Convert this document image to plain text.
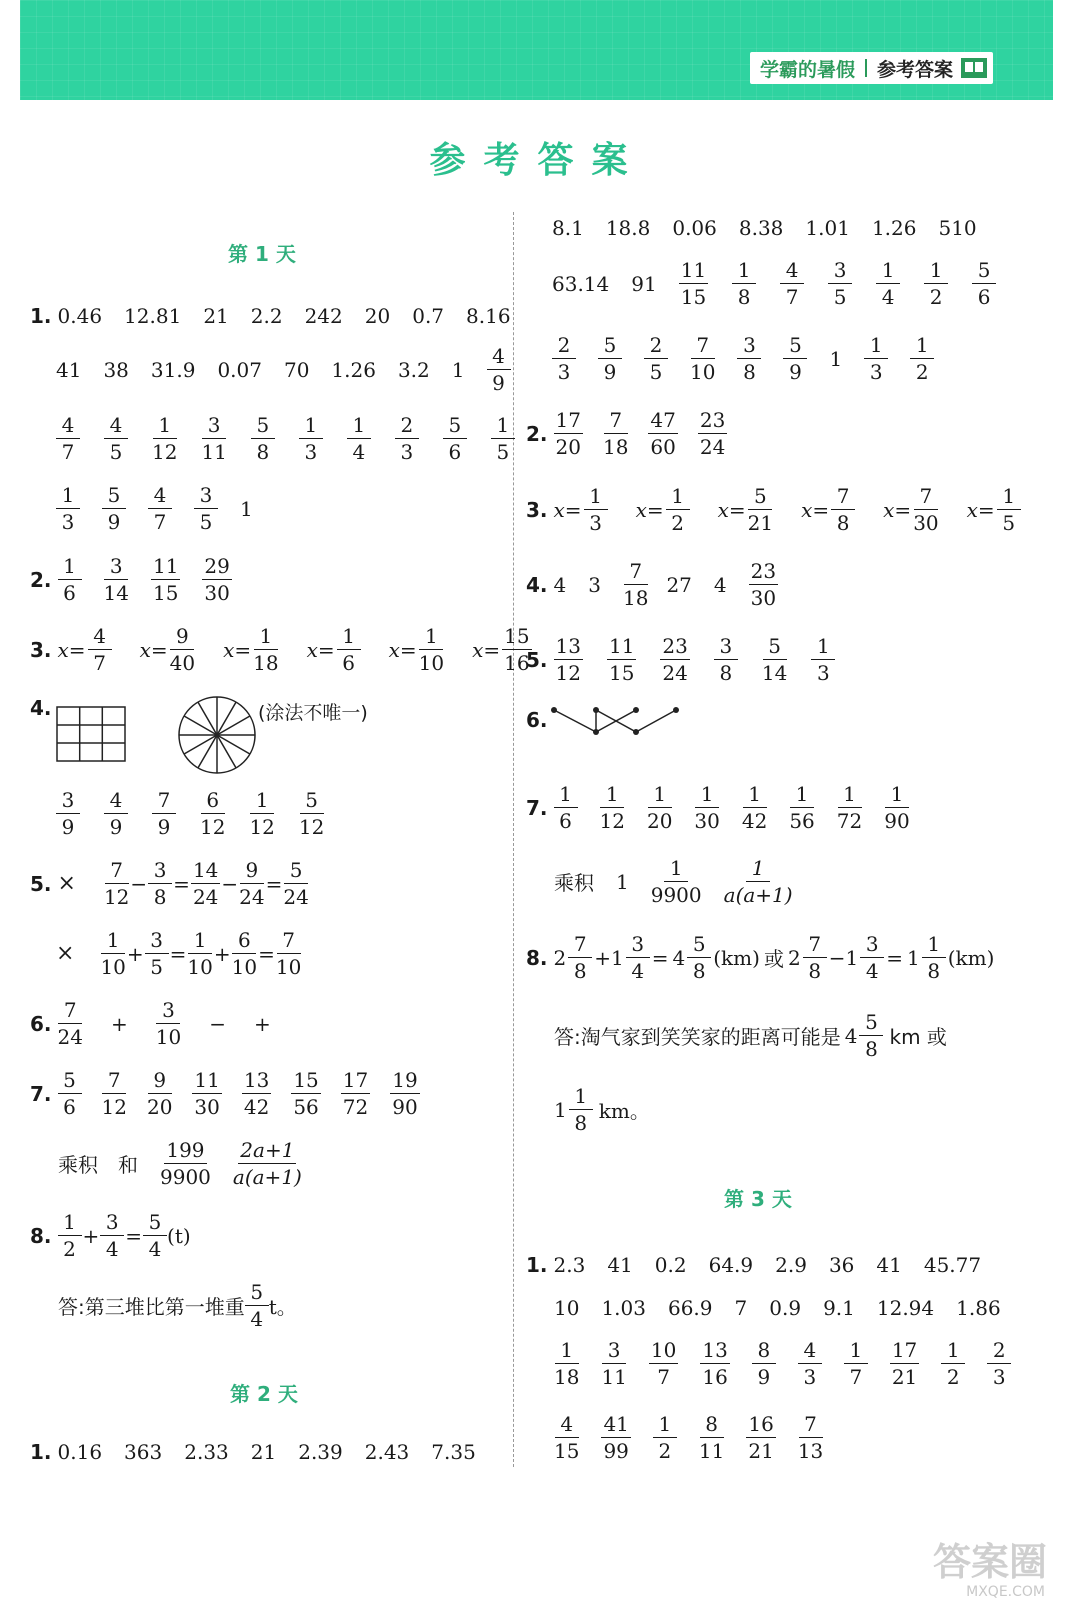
学霸的暑假 参考答案
参考答案
第 1 天
第 2 天
第 3 天
1. 0.46 12.81 21 2.2 242 20 0.7 8.16
41 38 31.9 0.07 70 1.26 3.2 $1 \frac{4}{9}$
$\frac{4}{7} \frac{4}{5} \frac{1}{12} \frac{3}{11} \frac{5}{8} \frac{1}{3} \frac{1}{4} \frac{2}{3} \frac{5}{6} \frac{1}{5}$
$\frac{1}{3} \frac{5}{9} \frac{4}{7} \frac{3}{5} 1$
2. $\frac{1}{6} \frac{3}{14} \frac{11}{15} \frac{29}{30}$
3. $x= \frac{4}{7} x= \frac{9}{40} x= \frac{1}{18} x= \frac{1}{6} x= \frac{1}{10} x= \frac{15}{16}$
4.	(涂法不唯一)
$\frac{3}{9} \frac{4}{9} \frac{7}{9} \frac{6}{12} \frac{1}{12} \frac{5}{12}$
5. × $\frac{7}{12} - \frac{3}{8} = \frac{14}{24} - \frac{9}{24} = \frac{5}{24}$
× $\frac{1}{10} + \frac{3}{5} = \frac{1}{10} + \frac{6}{10} = \frac{7}{10}$
6. $\frac{7}{24} + \frac{3}{10}$ − +
7. $\frac{5}{6} \frac{7}{12} \frac{9}{20} \frac{11}{30} \frac{13}{42} \frac{15}{56} \frac{17}{72} \frac{19}{90}$
乘积 和 $\frac{199}{9900} \frac{2a+1}{a(a+1)}$
8. $\frac{1}{2} + \frac{3}{4} = \frac{5}{4} (t)$
答:第三堆比第一堆重 $\frac{5}{4}$ t。
1. 0.16 363 2.33 21 2.39 2.43 7.35
8.1 18.8 0.06 8.38 1.01 1.26 510
63.14 $91 \frac{11}{15} \frac{1}{8} \frac{4}{7} \frac{3}{5} \frac{1}{4} \frac{1}{2} \frac{5}{6}$
$\frac{2}{3} \frac{5}{9} \frac{2}{5} \frac{7}{10} \frac{3}{8} \frac{5}{9} 1 \frac{1}{3} \frac{1}{2}$
2. $\frac{17}{20} \frac{7}{18} \frac{47}{60} \frac{23}{24}$
3. $x= \frac{1}{3} x= \frac{1}{2} x= \frac{5}{21} x= \frac{7}{8} x= \frac{7}{30} x= \frac{1}{5}$
4. 4 $3 \frac{7}{18} 27$ $4 \frac{23}{30}$
5. $\frac{13}{12} \frac{11}{15} \frac{23}{24} \frac{3}{8} \frac{5}{14} \frac{1}{3}$
6.
7. $\frac{1}{6} \frac{1}{12} \frac{1}{20} \frac{1}{30} \frac{1}{42} \frac{1}{56} \frac{1}{72} \frac{1}{90}$
乘积 $1 \frac{1}{9900} \frac{1}{a(a+1)}$
8. $2 \frac{7}{8} + 1 \frac{3}{4} = 4 \frac{5}{8} (km)$ 或 $2 \frac{7}{8} - 1 \frac{3}{4} = 1 \frac{1}{8} (km)$
答:淘气家到笑笑家的距离可能是 $4 \frac{5}{8}$ km 或
$1 \frac{1}{8}$ km。
1. 2.3 41 0.2 64.9 2.9 36 41 45.77
10 1.03 66.9 7 0.9 9.1 12.94 1.86
$\frac{1}{18} \frac{3}{11} \frac{10}{7} \frac{13}{16} \frac{8}{9} \frac{4}{3} \frac{1}{7} \frac{17}{21} \frac{1}{2} \frac{2}{3}$
$\frac{4}{15} \frac{41}{99} \frac{1}{2} \frac{8}{11} \frac{16}{21} \frac{7}{13}$
答案圈
MXQE.COM
